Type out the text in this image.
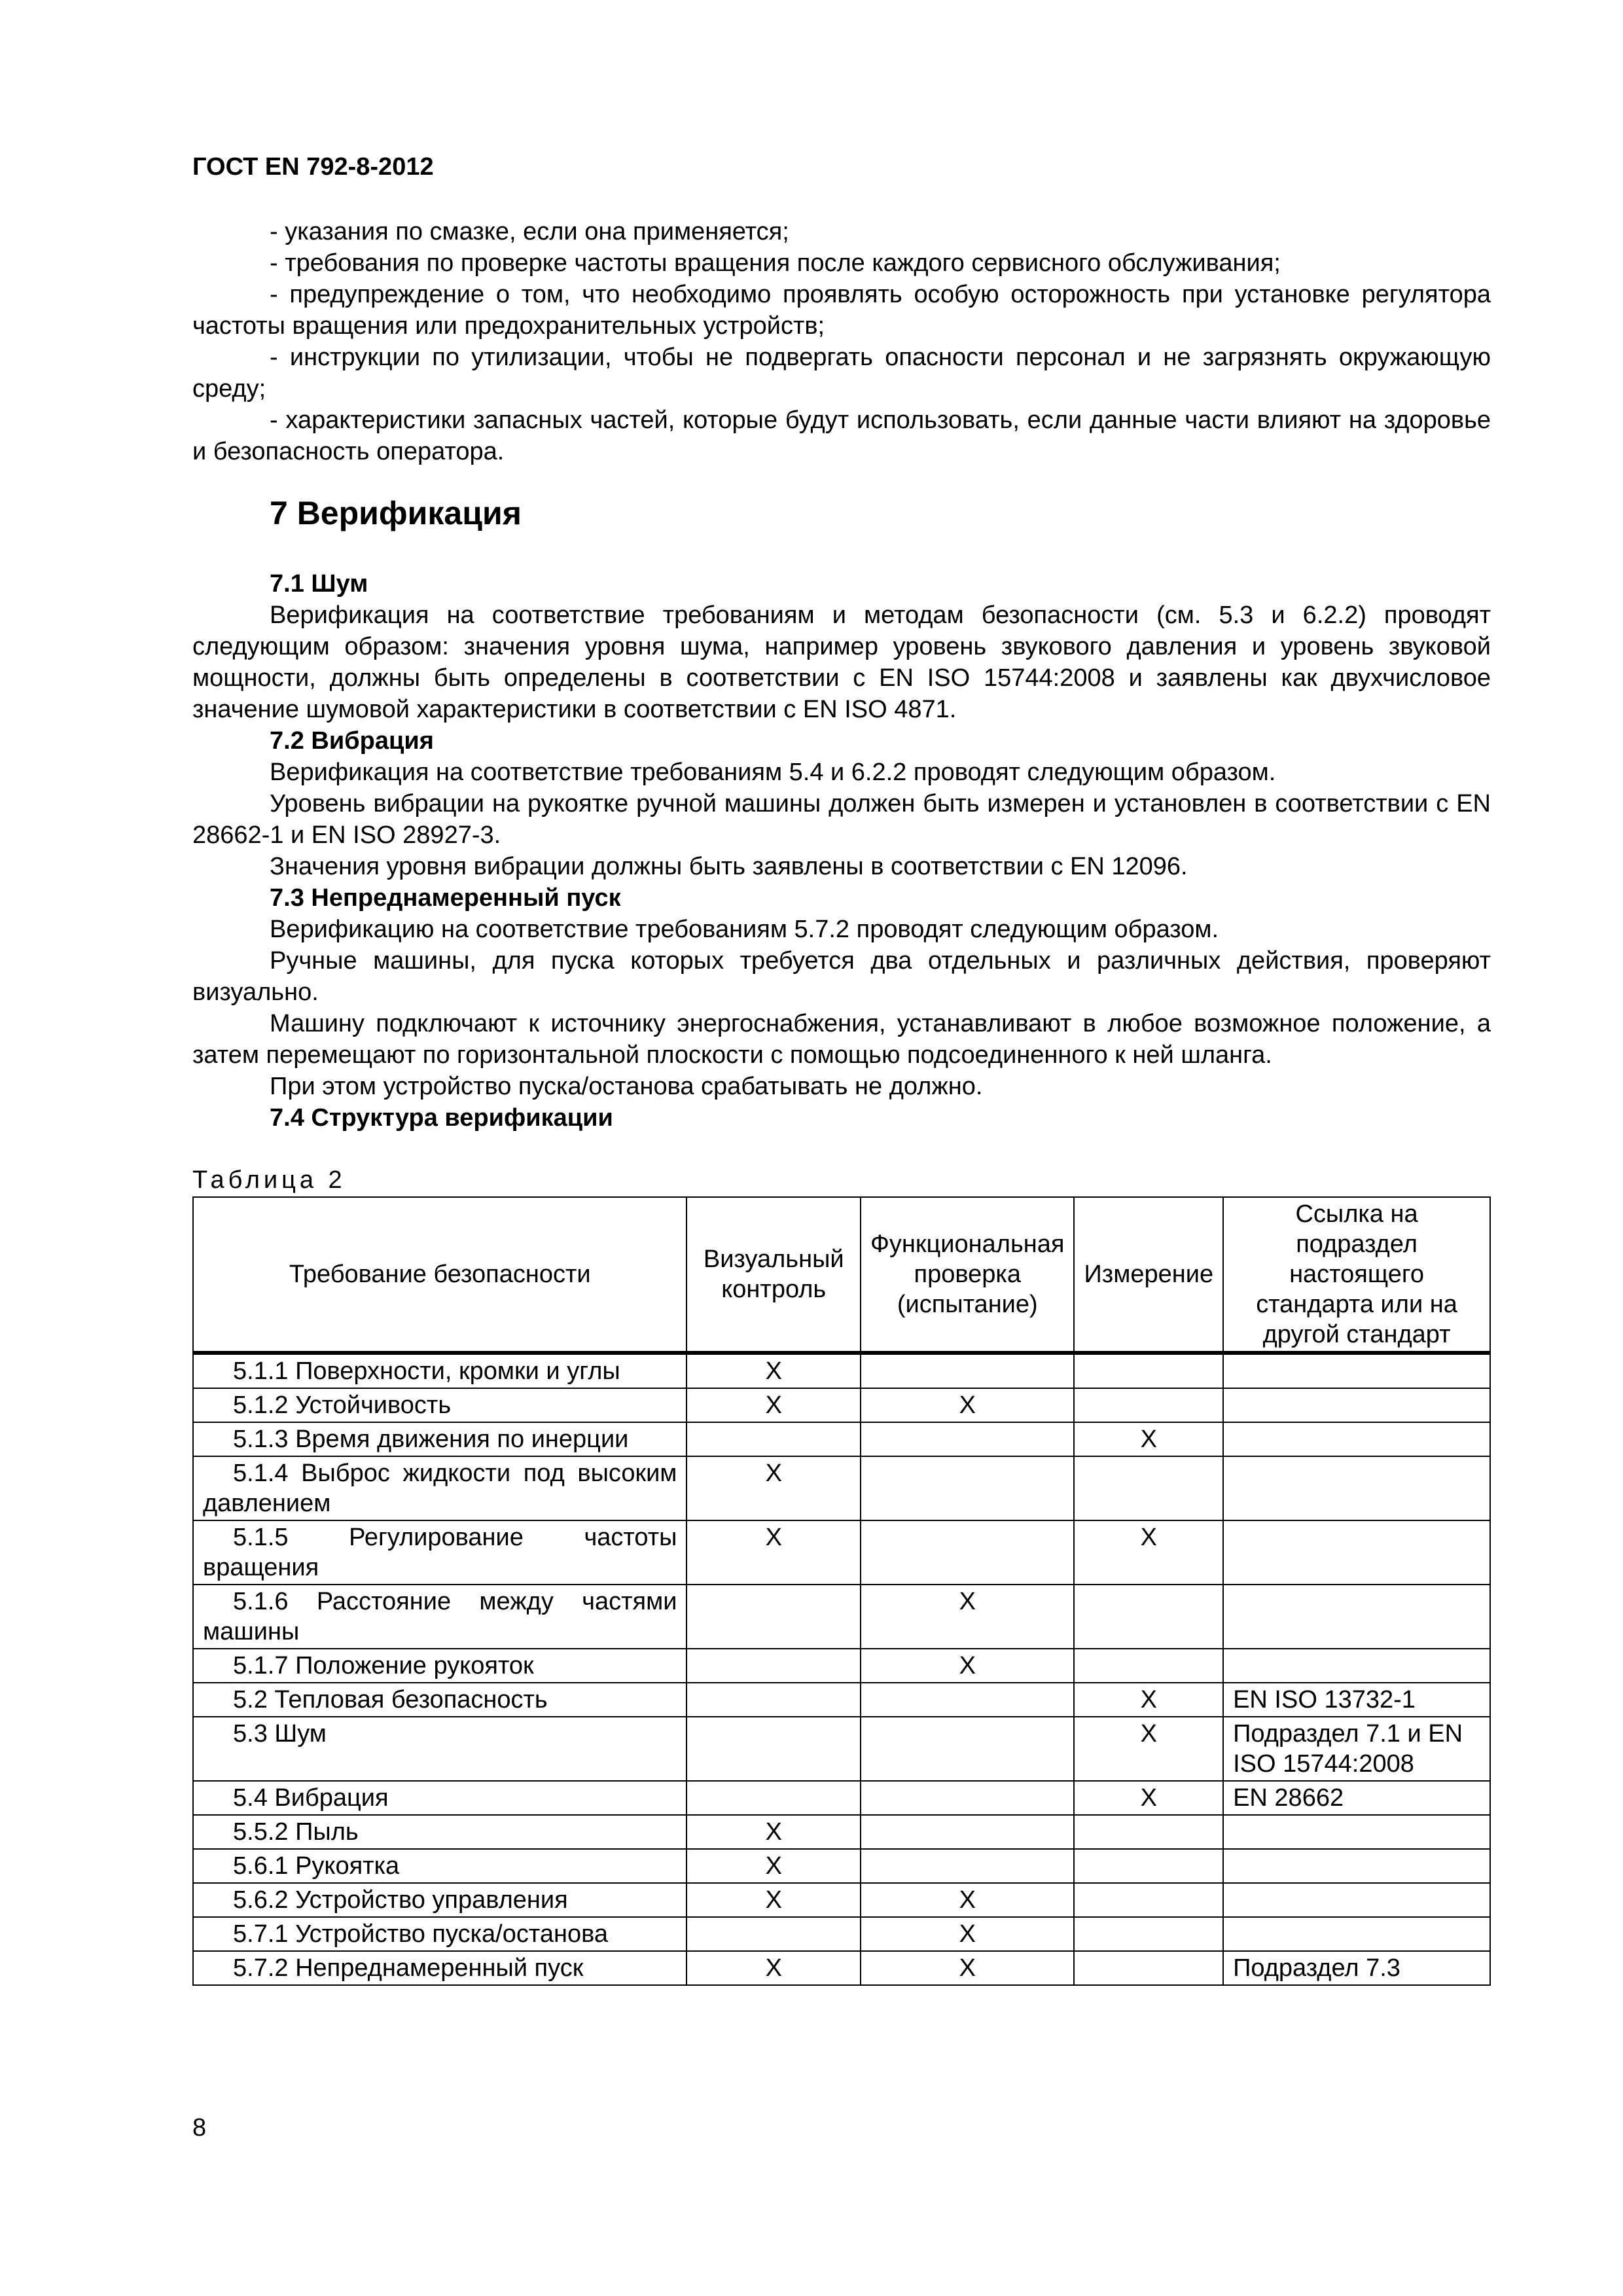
ГОСТ EN 792-8-2012

- указания по смазке, если она применяется;

- требования по проверке частоты вращения после каждого сервисного обслуживания;

- предупреждение о том, что необходимо проявлять особую осторожность при установке регулятора частоты вращения или предохранительных устройств;

- инструкции по утилизации, чтобы не подвергать опасности персонал и не загрязнять окружающую среду;

- характеристики запасных частей, которые будут использовать, если данные части влияют на здоровье и безопасность оператора.

7 Верификация

7.1 Шум

Верификация на соответствие требованиям и методам безопасности (см. 5.3 и 6.2.2) проводят следующим образом: значения уровня шума, например уровень звукового давления и уровень звуковой мощности, должны быть определены в соответствии с EN ISO 15744:2008 и заявлены как двухчисловое значение шумовой характеристики в соответствии с EN ISO 4871.

7.2 Вибрация

Верификация на соответствие требованиям 5.4 и 6.2.2 проводят следующим образом.

Уровень вибрации на рукоятке ручной машины должен быть измерен и установлен в соответствии с EN 28662-1 и EN ISO 28927-3.

Значения уровня вибрации должны быть заявлены в соответствии с EN 12096.

7.3 Непреднамеренный пуск

Верификацию на соответствие требованиям 5.7.2 проводят следующим образом.

Ручные машины, для пуска которых требуется два отдельных и различных действия, проверяют визуально.

Машину подключают к источнику энергоснабжения, устанавливают в любое возможное положение, а затем перемещают по горизонтальной плоскости с помощью подсоединенного к ней шланга.

При этом устройство пуска/останова срабатывать не должно.

7.4 Структура верификации

Таблица 2
Требование безопасности	Визуальный контроль	Функциональная проверка (испытание)	Измерение	Ссылка на подраздел настоящего стандарта или на другой стандарт
5.1.1 Поверхности, кромки и углы	X			
5.1.2 Устойчивость	X	X		
5.1.3 Время движения по инерции			X	
5.1.4 Выброс жидкости под высоким давлением	X			
5.1.5 Регулирование частоты вращения	X		X	
5.1.6 Расстояние между частями машины		X		
5.1.7 Положение рукояток		X		
5.2 Тепловая безопасность			X	EN ISO 13732-1
5.3 Шум			X	Подраздел 7.1 и EN ISO 15744:2008
5.4 Вибрация			X	EN 28662
5.5.2 Пыль	X			
5.6.1 Рукоятка	X			
5.6.2 Устройство управления	X	X		
5.7.1 Устройство пуска/останова		X		
5.7.2 Непреднамеренный пуск	X	X		Подраздел 7.3
8
